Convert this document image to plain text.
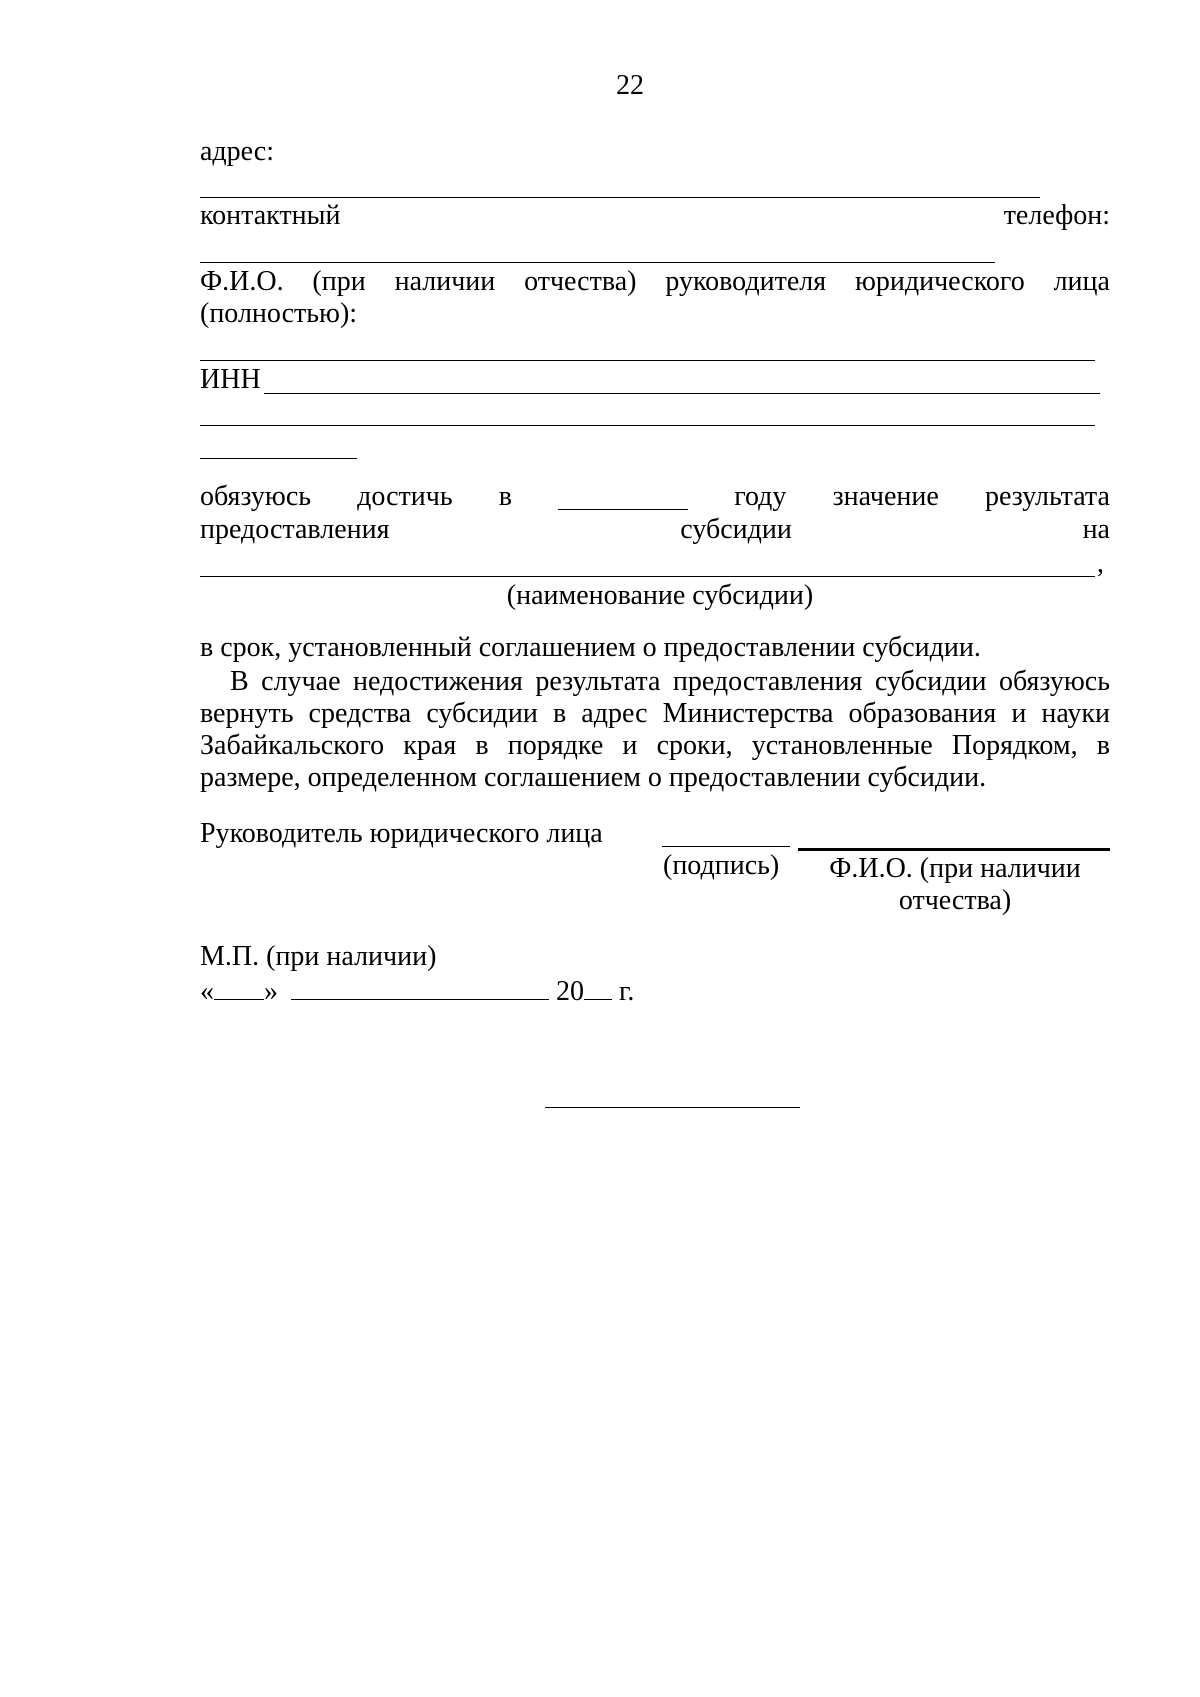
22
адрес:
контактный	телефон:
Ф.И.О. (при наличии отчества) руководителя юридического лица
(полностью):
ИНН
обязуюсь достичь в	году значение результата
предоставления	субсидии	на
,
(наименование субсидии)
в срок, установленный соглашением о предоставлении субсидии.
В случае недостижения результата предоставления субсидии обязуюсь
вернуть средства субсидии в адрес Министерства образования и науки
Забайкальского края в порядке и сроки, установленные Порядком, в
размере, определенном соглашением о предоставлении субсидии.
Руководитель юридического лица
(подпись)	Ф.И.О. (при наличии
отчества)
М.П. (при наличии)
« »	20 г.
